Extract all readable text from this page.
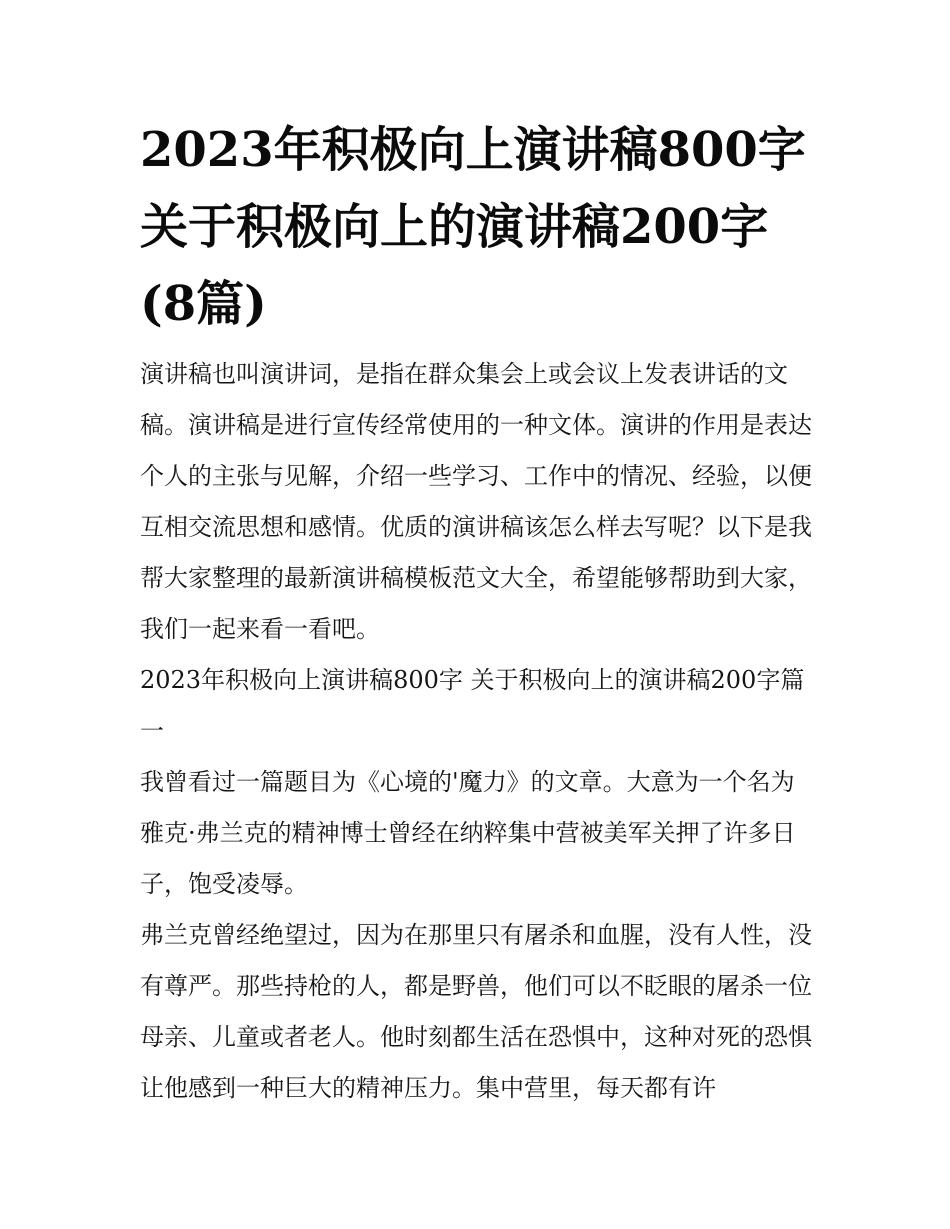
2023年积极向上演讲稿800字 关于积极向上的演讲稿200字(8篇)

演讲稿也叫演讲词，是指在群众集会上或会议上发表讲话的文稿。演讲稿是进行宣传经常使用的一种文体。演讲的作用是表达个人的主张与见解，介绍一些学习、工作中的情况、经验，以便互相交流思想和感情。优质的演讲稿该怎么样去写呢？以下是我帮大家整理的最新演讲稿模板范文大全，希望能够帮助到大家，我们一起来看一看吧。

2023年积极向上演讲稿800字 关于积极向上的演讲稿200字篇一

我曾看过一篇题目为《心境的'魔力》的文章。大意为一个名为雅克·弗兰克的精神博士曾经在纳粹集中营被美军关押了许多日子，饱受凌辱。

弗兰克曾经绝望过，因为在那里只有屠杀和血腥，没有人性，没有尊严。那些持枪的人，都是野兽，他们可以不眨眼的屠杀一位母亲、儿童或者老人。他时刻都生活在恐惧中，这种对死的恐惧让他感到一种巨大的精神压力。集中营里，每天都有许
